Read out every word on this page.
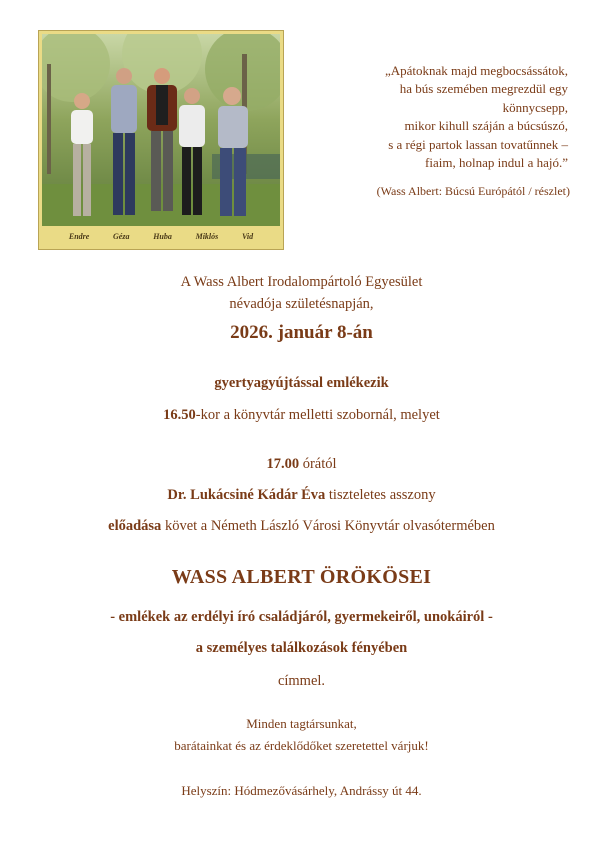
Endre	Géza	Huba	Miklós	Vid
„Apátoknak majd megbocsássátok,
ha bús szemében megrezdül egy
könnycsepp,
mikor kihull száján a búcsúszó,
s a régi partok lassan tovatűnnek –
fiaim, holnap indul a hajó.”
(Wass Albert: Búcsú Európától / részlet)
A Wass Albert Irodalompártoló Egyesület
névadója születésnapján,
2026. január 8-án
gyertyagyújtással emlékezik
16.50-kor a könyvtár melletti szobornál, melyet
17.00 órától
Dr. Lukácsiné Kádár Éva tiszteletes asszony
előadása követ a Németh László Városi Könyvtár olvasótermében
WASS ALBERT ÖRÖKÖSEI
- emlékek az erdélyi író családjáról, gyermekeiről, unokáiról -
a személyes találkozások fényében
címmel.
Minden tagtársunkat,
barátainkat és az érdeklődőket szeretettel várjuk!
Helyszín: Hódmezővásárhely, Andrássy út 44.
